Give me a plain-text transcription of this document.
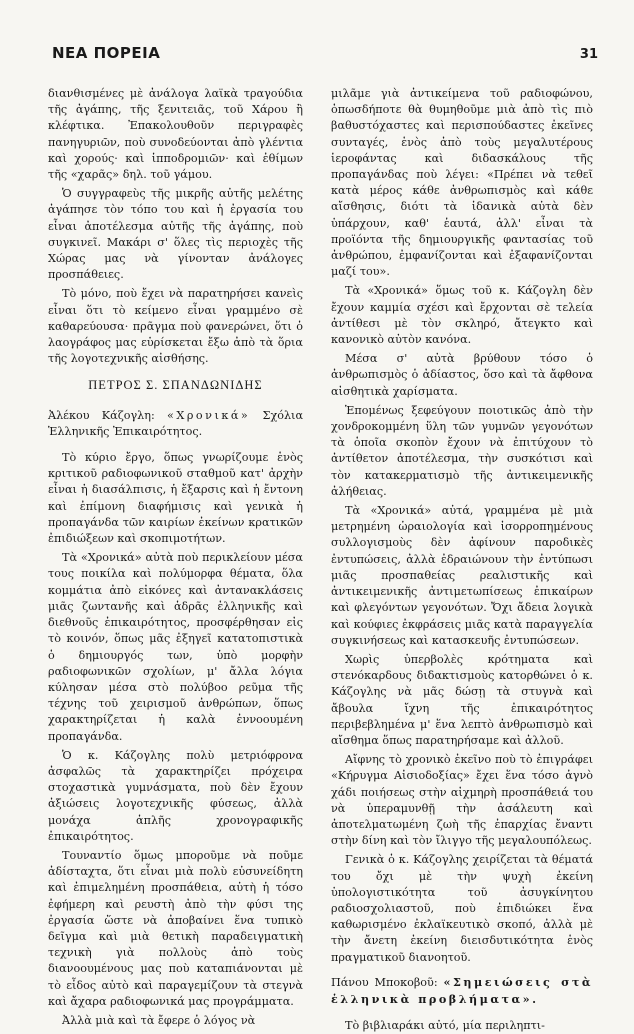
ΝΕΑ ΠΟΡΕΙΑ	31

διανθισμένες μὲ ἀνάλογα λαϊκὰ τραγούδια τῆς ἀγάπης, τῆς ξενιτειᾶς, τοῦ Χάρου ἢ κλέφτικα. Ἐπακολουθοῦν περιγραφὲς πανηγυριῶν, ποὺ συνοδεύονται ἀπὸ γλέντια καὶ χορούς· καὶ ἱπποδρομιῶν· καὶ ἐθίμων τῆς «χαρᾶς» δηλ. τοῦ γάμου.

Ὁ συγγραφεὺς τῆς μικρῆς αὐτῆς μελέτης ἀγάπησε τὸν τόπο του καὶ ἡ ἐργασία του εἶναι ἀποτέλεσμα αὐτῆς τῆς ἀγάπης, ποὺ συγκινεῖ. Μακάρι σ' ὅλες τὶς περιοχὲς τῆς Χώρας μας νὰ γίνονταν ἀνάλογες προσπάθειες.

Τὸ μόνο, ποὺ ἔχει νὰ παρατηρήσει κανεὶς εἶναι ὅτι τὸ κείμενο εἶναι γραμμένο σὲ καθαρεύουσα· πρᾶγμα ποὺ φανερώνει, ὅτι ὁ λαογράφος μας εὑρίσκεται ἔξω ἀπὸ τὰ ὅρια τῆς λογοτεχνικῆς αἰσθήσης.

ΠΕΤΡΟΣ Σ. ΣΠΑΝΔΩΝΙΔΗΣ

Ἀλέκου Κάζογλη: «Χρονικά» Σχόλια Ἑλληνικῆς Ἐπικαιρότητος.

Τὸ κύριο ἔργο, ὅπως γνωρίζουμε ἑνὸς κριτικοῦ ραδιοφωνικοῦ σταθμοῦ κατ' ἀρχὴν εἶναι ἡ διασάλπισις, ἡ ἔξαρσις καὶ ἡ ἔντονη καὶ ἐπίμονη διαφήμισις καὶ γενικὰ ἡ προπαγάνδα τῶν καιρίων ἐκείνων κρατικῶν ἐπιδιώξεων καὶ σκοπιμοτήτων.

Τὰ «Χρονικά» αὐτὰ ποὺ περικλείουν μέσα τους ποικίλα καὶ πολύμορφα θέματα, ὅλα κομμάτια ἀπὸ εἰκόνες καὶ ἀντανακλάσεις μιᾶς ζωντανῆς καὶ ἁδρᾶς ἑλληνικῆς καὶ διεθνοῦς ἐπικαιρότητος, προσφέρθησαν εἰς τὸ κοινόν, ὅπως μᾶς ἐξηγεῖ κατατοπιστικὰ ὁ δημιουργός των, ὑπὸ μορφὴν ραδιοφωνικῶν σχολίων, μ' ἄλλα λόγια κύλησαν μέσα στὸ πολύβοο ρεῦμα τῆς τέχνης τοῦ χειρισμοῦ ἀνθρώπων, ὅπως χαρακτηρίζεται ἡ καλὰ ἐννοουμένη προπαγάνδα.

Ὁ κ. Κάζογλης πολὺ μετριόφρονα ἀσφαλῶς τὰ χαρακτηρίζει πρόχειρα στοχαστικὰ γυμνάσματα, ποὺ δὲν ἔχουν ἀξιώσεις λογοτεχνικῆς φύσεως, ἀλλὰ μονάχα ἁπλῆς χρονογραφικῆς ἐπικαιρότητος.

Τουναντίο ὅμως μποροῦμε νὰ ποῦμε ἀδίσταχτα, ὅτι εἶναι μιὰ πολὺ εὐσυνείδητη καὶ ἐπιμελημένη προσπάθεια, αὐτὴ ἡ τόσο ἐφήμερη καὶ ρευστὴ ἀπὸ τὴν φύσι της ἐργασία ὥστε νὰ ἀποβαίνει ἕνα τυπικὸ δεῖγμα καὶ μιὰ θετικὴ παραδειγματικὴ τεχνικὴ γιὰ πολλοὺς ἀπὸ τοὺς διανοουμένους μας ποὺ καταπιάνονται μὲ τὸ εἶδος αὐτὸ καὶ παραγεμίζουν τὰ στεγνὰ καὶ ἄχαρα ραδιοφωνικά μας προγράμματα.

Ἀλλὰ μιὰ καὶ τὰ ἔφερε ὁ λόγος νὰ

μιλᾶμε γιὰ ἀντικείμενα τοῦ ραδιοφώνου, ὁπωσδήποτε θὰ θυμηθοῦμε μιὰ ἀπὸ τὶς πιὸ βαθυστόχαστες καὶ περισπούδαστες ἐκεῖνες συνταγές, ἑνὸς ἀπὸ τοὺς μεγαλυτέρους ἱεροφάντας καὶ διδασκάλους τῆς προπαγάνδας ποὺ λέγει: «Πρέπει νὰ τεθεῖ κατὰ μέρος κάθε ἀνθρωπισμὸς καὶ κάθε αἴσθησις, διότι τὰ ἰδανικὰ αὐτὰ δὲν ὑπάρχουν, καθ' ἑαυτά, ἀλλ' εἶναι τὰ προϊόντα τῆς δημιουργικῆς φαντασίας τοῦ ἀνθρώπου, ἐμφανίζονται καὶ ἐξαφανίζονται μαζί του».

Τὰ «Χρονικά» ὅμως τοῦ κ. Κάζογλη δὲν ἔχουν καμμία σχέσι καὶ ἔρχονται σὲ τελεία ἀντίθεσι μὲ τὸν σκληρό, ἄτεγκτο καὶ κανονικὸ αὐτὸν κανόνα.

Μέσα σ' αὐτὰ βρύθουν τόσο ὁ ἀνθρωπισμὸς ὁ ἀδίαστος, ὅσο καὶ τὰ ἄφθονα αἰσθητικὰ χαρίσματα.

Ἑπομένως ξεφεύγουν ποιοτικῶς ἀπὸ τὴν χονδροκομμένη ὕλη τῶν γυμνῶν γεγονότων τὰ ὁποῖα σκοπὸν ἔχουν νὰ ἐπιτύχουν τὸ ἀντίθετον ἀποτέλεσμα, τὴν συσκότισι καὶ τὸν κατακερματισμὸ τῆς ἀντικειμενικῆς ἀλήθειας.

Τὰ «Χρονικά» αὐτά, γραμμένα μὲ μιὰ μετρημένη ὡραιολογία καὶ ἰσορροπημένους συλλογισμοὺς δὲν ἀφίνουν παροδικὲς ἐντυπώσεις, ἀλλὰ ἐδραιώνουν τὴν ἐντύπωσι μιᾶς προσπαθείας ρεαλιστικῆς καὶ ἀντικειμενικῆς ἀντιμετωπίσεως ἐπικαίρων καὶ φλεγόντων γεγονότων. Ὄχι ἄδεια λογικὰ καὶ κούφιες ἐκφράσεις μιᾶς κατὰ παραγγελία συγκινήσεως καὶ κατασκευῆς ἐντυπώσεων.

Χωρὶς ὑπερβολὲς κρότηματα καὶ στενόκαρδους διδακτισμοὺς κατορθώνει ὁ κ. Κάζογλης νὰ μᾶς δώσῃ τὰ στυγνὰ καὶ ἄβουλα ἴχνη τῆς ἐπικαιρότητος περιβεβλημένα μ' ἕνα λεπτὸ ἀνθρωπισμὸ καὶ αἴσθημα ὅπως παρατηρήσαμε καὶ ἀλλοῦ.

Αἴφνης τὸ χρονικὸ ἐκεῖνο ποὺ τὸ ἐπιγράφει «Κήρυγμα Αἰσιοδοξίας» ἔχει ἕνα τόσο ἁγνὸ χάδι ποιήσεως στὴν αἰχμηρὴ προσπάθειά του νὰ ὑπεραμυνθῇ τὴν ἀσάλευτη καὶ ἀποτελματωμένη ζωὴ τῆς ἐπαρχίας ἔναντι στὴν δίνη καὶ τὸν ἴλιγγο τῆς μεγαλουπόλεως.

Γενικὰ ὁ κ. Κάζογλης χειρίζεται τὰ θέματά του ὄχι μὲ τὴν ψυχὴ ἐκείνη ὑπολογιστικότητα τοῦ ἀσυγκίνητου ραδιοσχολιαστοῦ, ποὺ ἐπιδιώκει ἕνα καθωρισμένο ἐκλαϊκευτικὸ σκοπό, ἀλλὰ μὲ τὴν ἄνετη ἐκείνη διεισδυτικότητα ἑνὸς πραγματικοῦ διανοητοῦ.

Πάνου Μποκοβοῦ: «Σημειώσεις στὰ ἑλληνικὰ προβλήματα».

Τὸ βιβλιαράκι αὐτό, μία περιληπτι-
